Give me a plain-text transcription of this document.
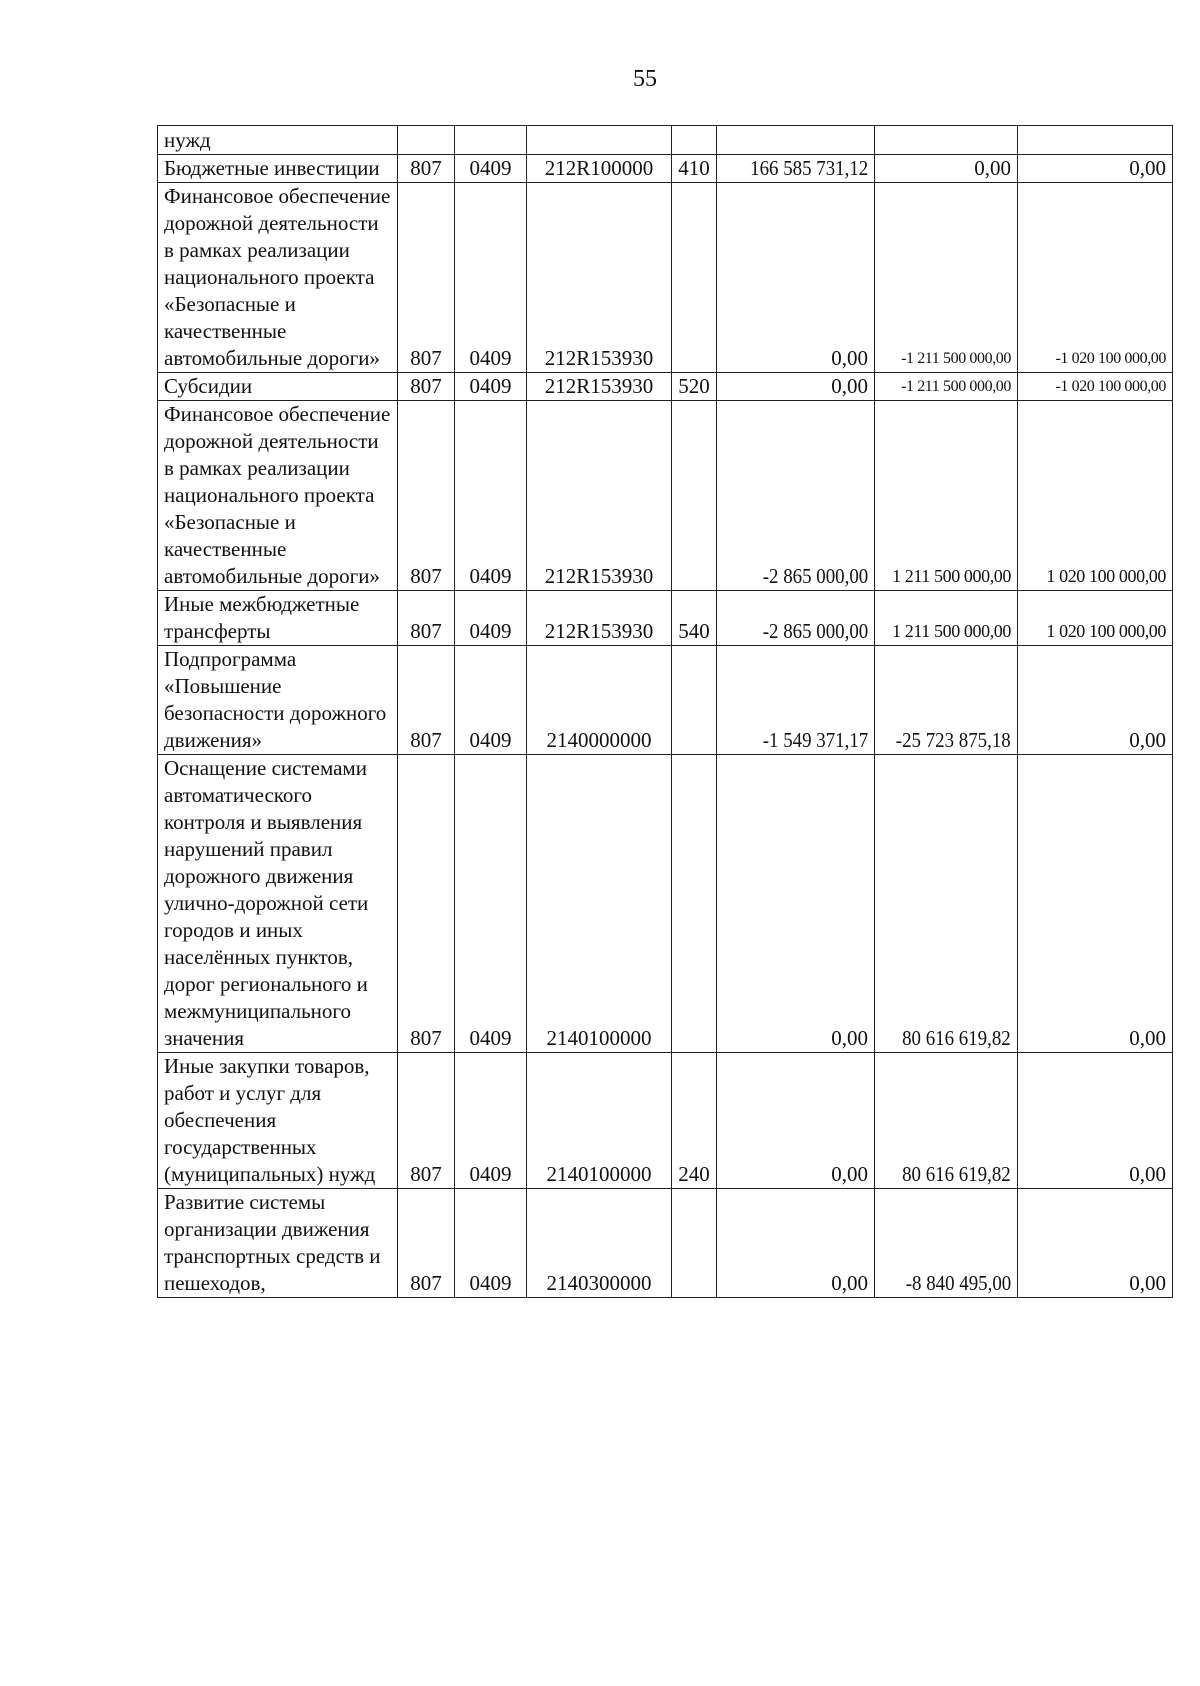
55
нужд							
Бюджетные инвестиции	807	0409	212R100000	410	166 585 731,12	0,00	0,00
Финансовое обеспечение дорожной деятельности в рамках реализации национального проекта «Безопасные и качественные автомобильные дороги»	807	0409	212R153930		0,00	-1 211 500 000,00	-1 020 100 000,00
Субсидии	807	0409	212R153930	520	0,00	-1 211 500 000,00	-1 020 100 000,00
Финансовое обеспечение дорожной деятельности в рамках реализации национального проекта «Безопасные и качественные автомобильные дороги»	807	0409	212R153930		-2 865 000,00	1 211 500 000,00	1 020 100 000,00
Иные межбюджетные трансферты	807	0409	212R153930	540	-2 865 000,00	1 211 500 000,00	1 020 100 000,00
Подпрограмма «Повышение безопасности дорожного движения»	807	0409	2140000000		-1 549 371,17	-25 723 875,18	0,00
Оснащение системами автоматического контроля и выявления нарушений правил дорожного движения улично-дорожной сети городов и иных населённых пунктов, дорог регионального и межмуниципального значения	807	0409	2140100000		0,00	80 616 619,82	0,00
Иные закупки товаров, работ и услуг для обеспечения государственных (муниципальных) нужд	807	0409	2140100000	240	0,00	80 616 619,82	0,00
Развитие системы организации движения транспортных средств и пешеходов,	807	0409	2140300000		0,00	-8 840 495,00	0,00
